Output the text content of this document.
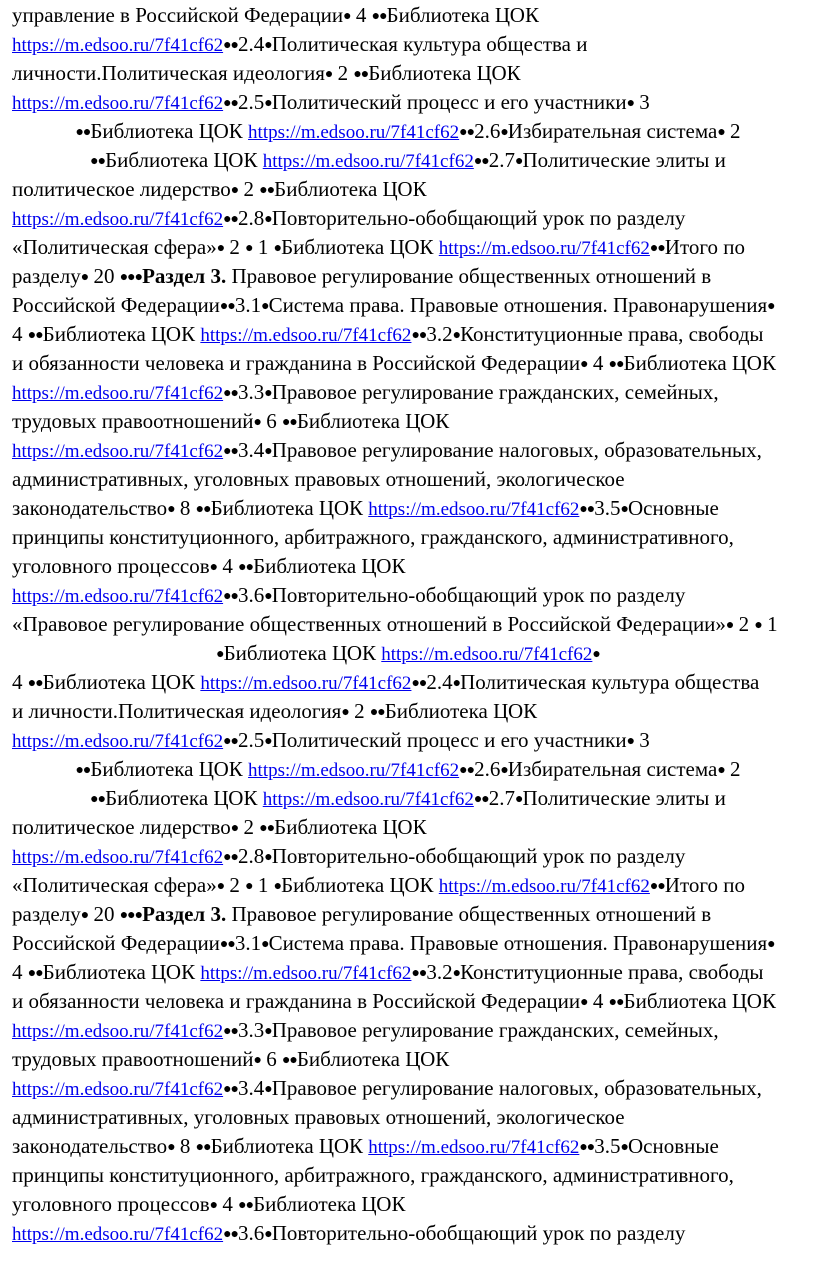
управление в Российской Федерации● 4 ●●Библиотека ЦОК
https://m.edsoo.ru/7f41cf62●●2.4●Политическая культура общества и
личности.Политическая идеология● 2 ●●Библиотека ЦОК
https://m.edsoo.ru/7f41cf62●●2.5●Политический процесс и его участники● 3
●●Библиотека ЦОК https://m.edsoo.ru/7f41cf62●●2.6●Избирательная система● 2
●●Библиотека ЦОК https://m.edsoo.ru/7f41cf62●●2.7●Политические элиты и
политическое лидерство● 2 ●●Библиотека ЦОК
https://m.edsoo.ru/7f41cf62●●2.8●Повторительно-обобщающий урок по разделу
«Политическая сфера»● 2 ● 1 ●Библиотека ЦОК https://m.edsoo.ru/7f41cf62●●Итого по
разделу● 20 ●●●Раздел 3. Правовое регулирование общественных отношений в
Российской Федерации●●3.1●Система права. Правовые отношения. Правонарушения●
4 ●●Библиотека ЦОК https://m.edsoo.ru/7f41cf62●●3.2●Конституционные права, свободы
и обязанности человека и гражданина в Российской Федерации● 4 ●●Библиотека ЦОК
https://m.edsoo.ru/7f41cf62●●3.3●Правовое регулирование гражданских, семейных,
трудовых правоотношений● 6 ●●Библиотека ЦОК
https://m.edsoo.ru/7f41cf62●●3.4●Правовое регулирование налоговых, образовательных,
административных, уголовных правовых отношений, экологическое
законодательство● 8 ●●Библиотека ЦОК https://m.edsoo.ru/7f41cf62●●3.5●Основные
принципы конституционного, арбитражного, гражданского, административного,
уголовного процессов● 4 ●●Библиотека ЦОК
https://m.edsoo.ru/7f41cf62●●3.6●Повторительно-обобщающий урок по разделу
«Правовое регулирование общественных отношений в Российской Федерации»● 2 ● 1
●Библиотека ЦОК https://m.edsoo.ru/7f41cf62●
4 ●●Библиотека ЦОК https://m.edsoo.ru/7f41cf62●●2.4●Политическая культура общества
и личности.Политическая идеология● 2 ●●Библиотека ЦОК
https://m.edsoo.ru/7f41cf62●●2.5●Политический процесс и его участники● 3
●●Библиотека ЦОК https://m.edsoo.ru/7f41cf62●●2.6●Избирательная система● 2
●●Библиотека ЦОК https://m.edsoo.ru/7f41cf62●●2.7●Политические элиты и
политическое лидерство● 2 ●●Библиотека ЦОК
https://m.edsoo.ru/7f41cf62●●2.8●Повторительно-обобщающий урок по разделу
«Политическая сфера»● 2 ● 1 ●Библиотека ЦОК https://m.edsoo.ru/7f41cf62●●Итого по
разделу● 20 ●●●Раздел 3. Правовое регулирование общественных отношений в
Российской Федерации●●3.1●Система права. Правовые отношения. Правонарушения●
4 ●●Библиотека ЦОК https://m.edsoo.ru/7f41cf62●●3.2●Конституционные права, свободы
и обязанности человека и гражданина в Российской Федерации● 4 ●●Библиотека ЦОК
https://m.edsoo.ru/7f41cf62●●3.3●Правовое регулирование гражданских, семейных,
трудовых правоотношений● 6 ●●Библиотека ЦОК
https://m.edsoo.ru/7f41cf62●●3.4●Правовое регулирование налоговых, образовательных,
административных, уголовных правовых отношений, экологическое
законодательство● 8 ●●Библиотека ЦОК https://m.edsoo.ru/7f41cf62●●3.5●Основные
принципы конституционного, арбитражного, гражданского, административного,
уголовного процессов● 4 ●●Библиотека ЦОК
https://m.edsoo.ru/7f41cf62●●3.6●Повторительно-обобщающий урок по разделу
